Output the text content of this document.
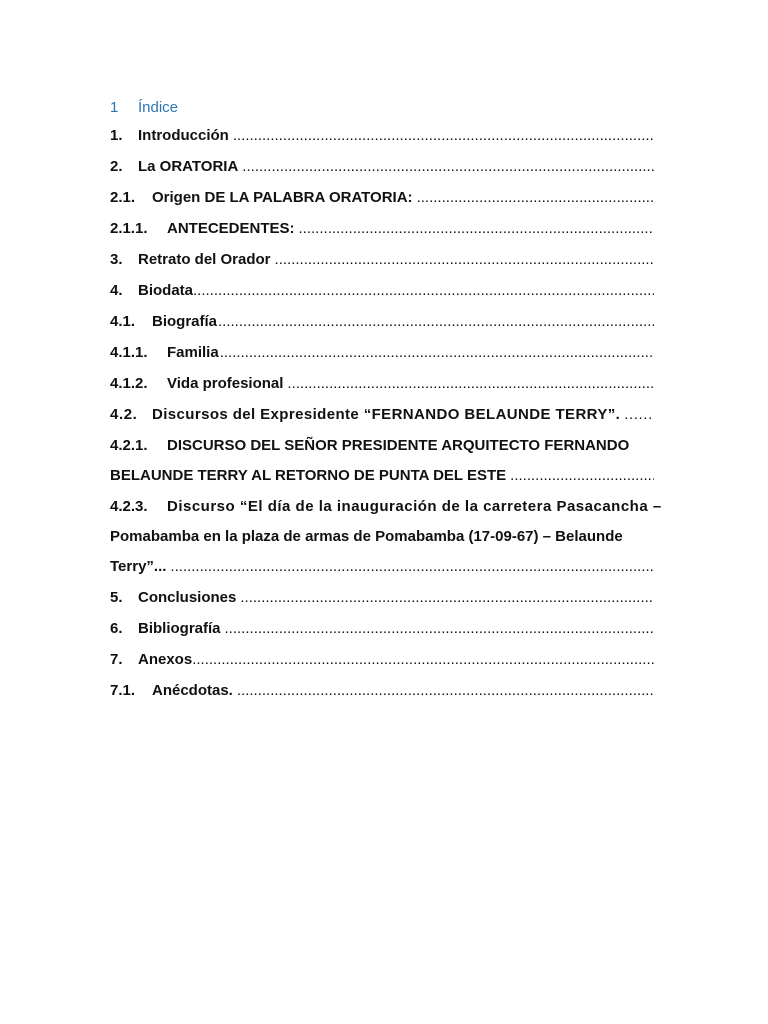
1 Índice
1. Introducción
.....
2. La ORATORIA
.....
2.1. Origen DE LA PALABRA ORATORIA:
.....
2.1.1. ANTECEDENTES:
.....
3. Retrato del Orador
.....
4. Biodata
.....
4.1. Biografía
.....
4.1.1. Familia
.....
4.1.2. Vida profesional
.....
4.2. Discursos del Expresidente “FERNANDO BELAUNDE TERRY”.
.....
4.2.1. DISCURSO DEL SEÑOR PRESIDENTE ARQUITECTO FERNANDO
BELAUNDE TERRY AL RETORNO DE PUNTA DEL ESTE
.....
4.2.3. Discurso “El día de la inauguración de la carretera Pasacancha –
Pomabamba en la plaza de armas de Pomabamba (17-09-67) – Belaunde
Terry”...
.....
5. Conclusiones
.....
6. Bibliografía
.....
7. Anexos
.....
7.1. Anécdotas.
.....
